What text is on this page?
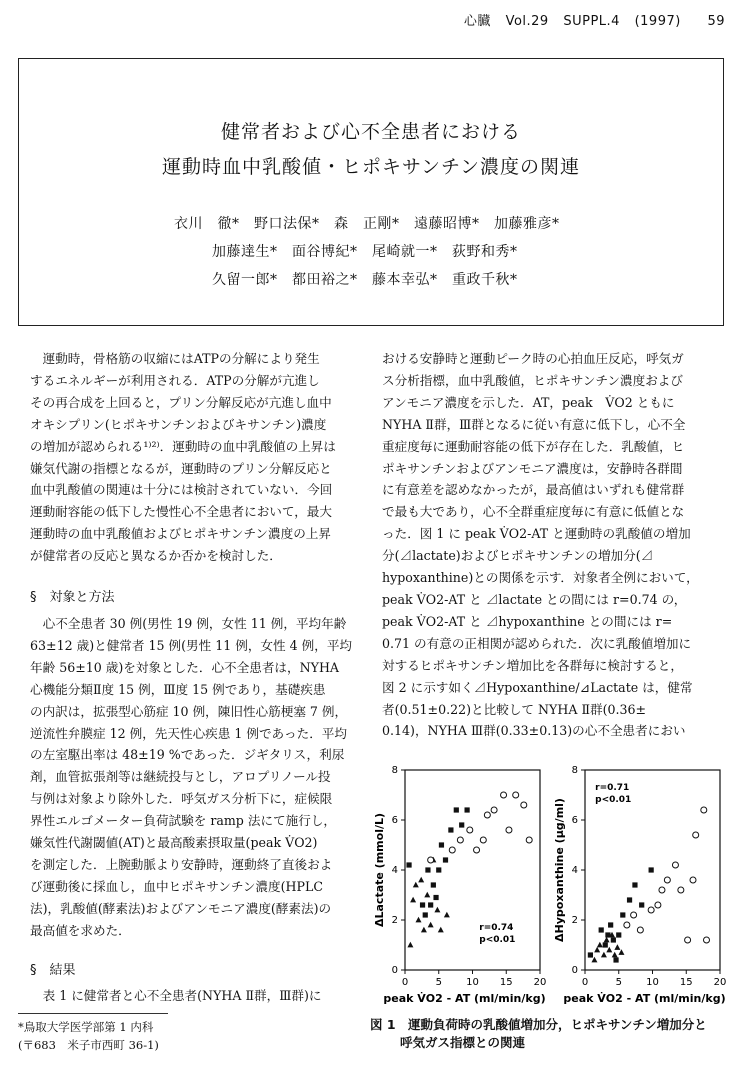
心臓 Vol.29 SUPPL.4 (1997) 59
健常者および心不全患者における
運動時血中乳酸値・ヒポキサンチン濃度の関連
衣川　徹*　野口法保*　森　正剛*　遠藤昭博*　加藤雅彦*
加藤達生*　面谷博紀*　尾崎就一*　荻野和秀*
久留一郎*　都田裕之*　藤本幸弘*　重政千秋*

運動時，骨格筋の収縮にはATPの分解により発生

するエネルギーが利用される．ATPの分解が亢進し

その再合成を上回ると，プリン分解反応が亢進し血中

オキシプリン(ヒポキサンチンおよびキサンチン)濃度

の増加が認められる¹⁾²⁾．運動時の血中乳酸値の上昇は

嫌気代謝の指標となるが，運動時のプリン分解反応と

血中乳酸値の関連は十分には検討されていない．今回

運動耐容能の低下した慢性心不全患者において，最大

運動時の血中乳酸値およびヒポキサンチン濃度の上昇

が健常者の反応と異なるか否かを検討した．

§　対象と方法

心不全患者 30 例(男性 19 例，女性 11 例，平均年齢

63±12 歳)と健常者 15 例(男性 11 例，女性 4 例，平均

年齢 56±10 歳)を対象とした．心不全患者は，NYHA

心機能分類Ⅱ度 15 例，Ⅲ度 15 例であり，基礎疾患

の内訳は，拡張型心筋症 10 例，陳旧性心筋梗塞 7 例，

逆流性弁膜症 12 例，先天性心疾患 1 例であった．平均

の左室駆出率は 48±19 %であった．ジギタリス，利尿

剤，血管拡張剤等は継続投与とし，アロプリノール投

与例は対象より除外した．呼気ガス分析下に，症候限

界性エルゴメーター負荷試験を ramp 法にて施行し，

嫌気性代謝閾値(AT)と最高酸素摂取量(peak V̇O2)

を測定した．上腕動脈より安静時，運動終了直後およ

び運動後に採血し，血中ヒポキサンチン濃度(HPLC

法)，乳酸値(酵素法)およびアンモニア濃度(酵素法)の

最高値を求めた．

§　結果

表 1 に健常者と心不全患者(NYHA Ⅱ群，Ⅲ群)に

おける安静時と運動ピーク時の心拍血圧反応，呼気ガ

ス分析指標，血中乳酸値，ヒポキサンチン濃度および

アンモニア濃度を示した．AT，peak　V̇O2 ともに

NYHA Ⅱ群，Ⅲ群となるに従い有意に低下し，心不全

重症度毎に運動耐容能の低下が存在した．乳酸値，ヒ

ポキサンチンおよびアンモニア濃度は，安静時各群間

に有意差を認めなかったが，最高値はいずれも健常群

で最も大であり，心不全群重症度毎に有意に低値とな

った．図 1 に peak V̇O2-AT と運動時の乳酸値の増加

分(⊿lactate)およびヒポキサンチンの増加分(⊿

hypoxanthine)との関係を示す．対象者全例において，

peak V̇O2-AT と ⊿lactate との間には r=0.74 の，

peak V̇O2-AT と ⊿hypoxanthine との間には r=

0.71 の有意の正相関が認められた．次に乳酸値増加に

対するヒポキサンチン増加比を各群毎に検討すると，

図 2 に示す如く⊿Hypoxanthine/⊿Lactate は，健常

者(0.51±0.22)と比較して NYHA Ⅱ群(0.36±

0.14)，NYHA Ⅲ群(0.33±0.13)の心不全患者におい

0	5 10 15 20
0
2
4
6
8
ΔLactate (mmol/L)
peak V̇O2 - AT (ml/min/kg)
r=0.74
p<0.01
0	5 10 15 20
0
2
4
6
8
ΔHypoxanthine (μg/ml)
peak V̇O2 - AT (ml/min/kg)
r=0.71
p<0.01
図 1　運動負荷時の乳酸値増加分，ヒポキサンチン増加分と
呼気ガス指標との関連
*鳥取大学医学部第 1 内科
(〒683　米子市西町 36-1)
